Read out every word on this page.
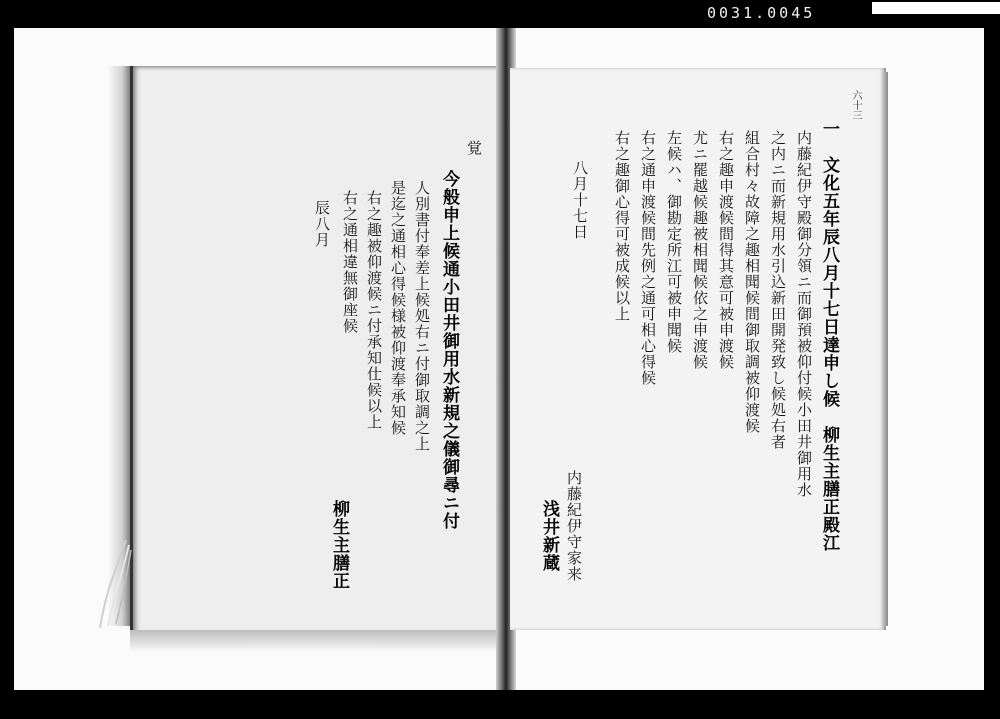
0031.0045
六十三
一　文化五年辰八月十七日達申し候　柳生主膳正殿江
内藤紀伊守殿御分領ニ而御預被仰付候小田井御用水
之内ニ而新規用水引込新田開発致し候処右者
組合村々故障之趣相聞候間御取調被仰渡候
右之趣申渡候間得其意可被申渡候
尤ニ罷越候趣被相聞候依之申渡候
左候ハ、御勘定所江可被申聞候
右之通申渡候間先例之通可相心得候
右之趣御心得可被成候以上
八月十七日
内藤紀伊守家来
浅井新蔵
覚
今般申上候通小田井御用水新規之儀御尋ニ付
人別書付奉差上候処右ニ付御取調之上
是迄之通相心得候様被仰渡奉承知候
右之趣被仰渡候ニ付承知仕候以上
右之通相違無御座候
辰八月
柳生主膳正
